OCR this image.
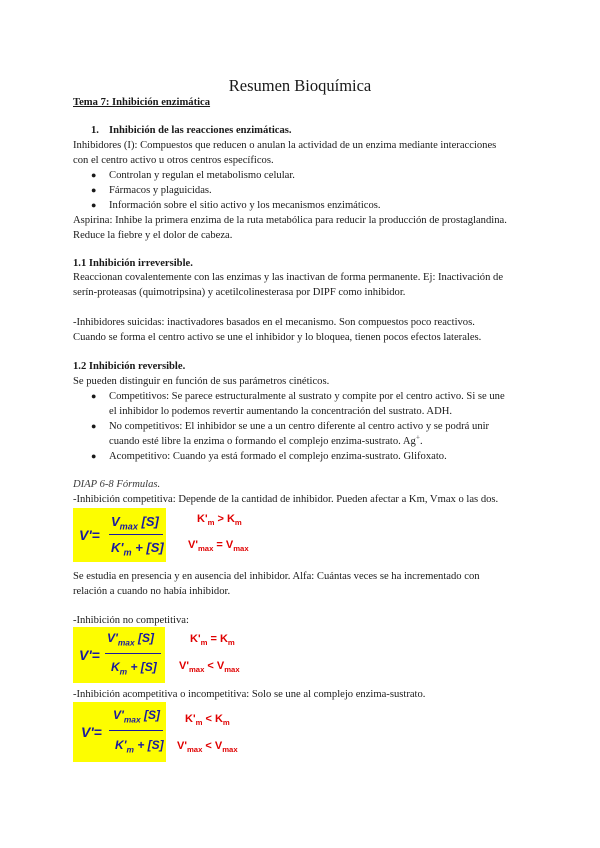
Resumen Bioquímica

Tema 7: Inhibición enzimática

1. Inhibición de las reacciones enzimáticas.

Inhibidores (I): Compuestos que reducen o anulan la actividad de un enzima mediante interacciones

con el centro activo u otros centros específicos.

● Controlan y regulan el metabolismo celular.

● Fármacos y plaguicidas.

● Información sobre el sitio activo y los mecanismos enzimáticos.

Aspirina: Inhibe la primera enzima de la ruta metabólica para reducir la producción de prostaglandina.

Reduce la fiebre y el dolor de cabeza.

1.1 Inhibición irreversible.

Reaccionan covalentemente con las enzimas y las inactivan de forma permanente. Ej: Inactivación de

serín-proteasas (quimotripsina) y acetilcolinesterasa por DIPF como inhibidor.

-Inhibidores suicidas: inactivadores basados en el mecanismo. Son compuestos poco reactivos.

Cuando se forma el centro activo se une el inhibidor y lo bloquea, tienen pocos efectos laterales.

1.2 Inhibición reversible.

Se pueden distinguir en función de sus parámetros cinéticos.

● Competitivos: Se parece estructuralmente al sustrato y compite por el centro activo. Si se une

el inhibidor lo podemos revertir aumentando la concentración del sustrato. ADH.

● No competitivos: El inhibidor se une a un centro diferente al centro activo y se podrá unir

cuando esté libre la enzima o formando el complejo enzima-sustrato. Ag+.

● Acompetitivo: Cuando ya está formado el complejo enzima-sustrato. Glifoxato.

DIAP 6-8 Fórmulas.

-Inhibición competitiva: Depende de la cantidad de inhibidor. Pueden afectar a Km, Vmax o las dos.

V'=
$V_{max}$ [S]
$K'_m + [S]$
$K'_m > K_m$
$V'_{max} = V_{max}$

Se estudia en presencia y en ausencia del inhibidor. Alfa: Cuántas veces se ha incrementado con

relación a cuando no había inhibidor.

-Inhibición no competitiva:

V'=
$V'_{max}$ [S]
$K_m + [S]$
$K'_m = K_m$
$V'_{max} < V_{max}$

-Inhibición acompetitiva o incompetitiva: Solo se une al complejo enzima-sustrato.

V'=
$V'_{max}$ [S]
$K'_m + [S]$
$K'_m < K_m$
$V'_{max} < V_{max}$
